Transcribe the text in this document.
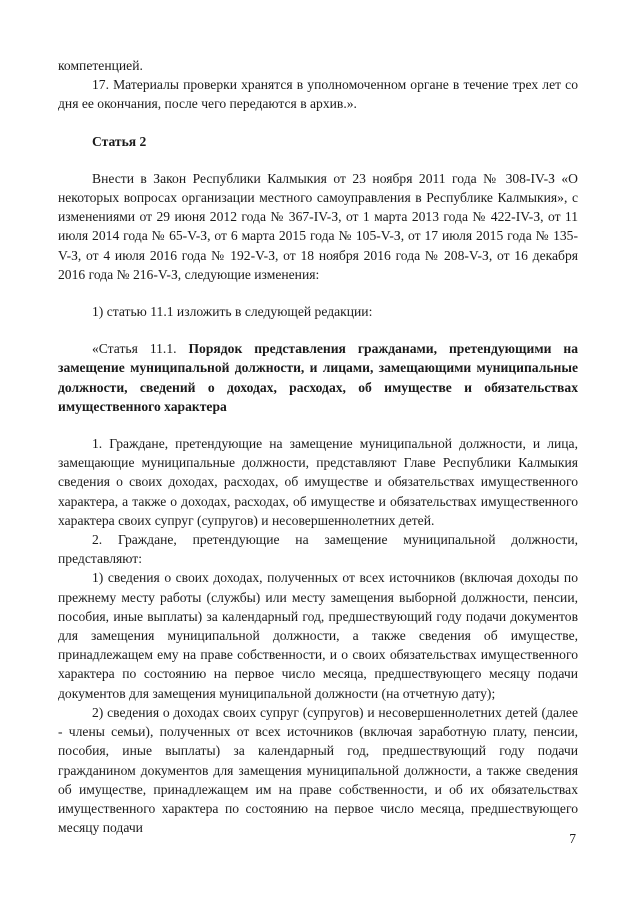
компетенцией.

17. Материалы проверки хранятся в уполномоченном органе в течение трех лет со дня ее окончания, после чего передаются в архив.».

Статья 2

Внести в Закон Республики Калмыкия от 23 ноября 2011 года № 308-IV-З «О некоторых вопросах организации местного самоуправления в Республике Калмыкия», с изменениями от 29 июня 2012 года № 367-IV-З, от 1 марта 2013 года № 422-IV-З, от 11 июля 2014 года № 65-V-З, от 6 марта 2015 года № 105-V-З, от 17 июля 2015 года № 135-V-З, от 4 июля 2016 года № 192-V-З, от 18 ноября 2016 года № 208-V-З, от 16 декабря 2016 года № 216-V-З, следующие изменения:

1) статью 11.1 изложить в следующей редакции:

«Статья 11.1. Порядок представления гражданами, претендующими на замещение муниципальной должности, и лицами, замещающими муниципальные должности, сведений о доходах, расходах, об имуществе и обязательствах имущественного характера

1. Граждане, претендующие на замещение муниципальной должности, и лица, замещающие муниципальные должности, представляют Главе Республики Калмыкия сведения о своих доходах, расходах, об имуществе и обязательствах имущественного характера, а также о доходах, расходах, об имуществе и обязательствах имущественного характера своих супруг (супругов) и несовершеннолетних детей.

2. Граждане, претендующие на замещение муниципальной должности, представляют:

1) сведения о своих доходах, полученных от всех источников (включая доходы по прежнему месту работы (службы) или месту замещения выборной должности, пенсии, пособия, иные выплаты) за календарный год, предшествующий году подачи документов для замещения муниципальной должности, а также сведения об имуществе, принадлежащем ему на праве собственности, и о своих обязательствах имущественного характера по состоянию на первое число месяца, предшествующего месяцу подачи документов для замещения муниципальной должности (на отчетную дату);

2) сведения о доходах своих супруг (супругов) и несовершеннолетних детей (далее - члены семьи), полученных от всех источников (включая заработную плату, пенсии, пособия, иные выплаты) за календарный год, предшествующий году подачи гражданином документов для замещения муниципальной должности, а также сведения об имуществе, принадлежащем им на праве собственности, и об их обязательствах имущественного характера по состоянию на первое число месяца, предшествующего месяцу подачи

7
